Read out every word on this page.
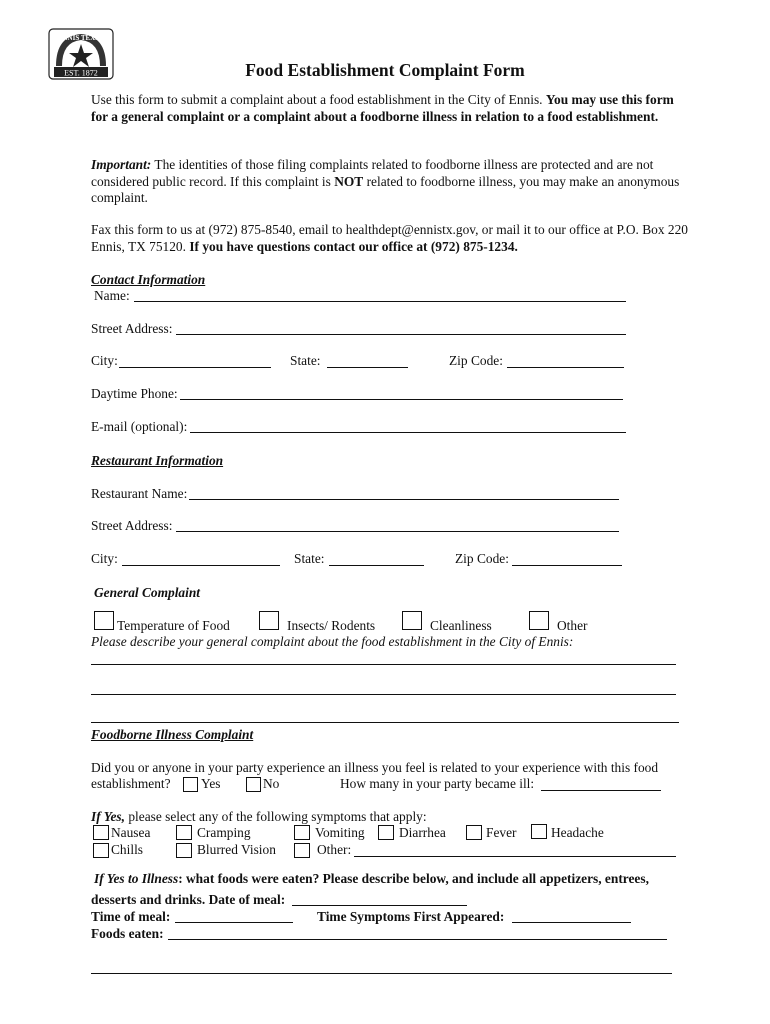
ENNIS TEXAS
EST. 1872	Food Establishment Complaint Form
Use this form to submit a complaint about a food establishment in the City of Ennis. You may use this form for a general complaint or a complaint about a foodborne illness in relation to a food establishment.
Important: The identities of those filing complaints related to foodborne illness are protected and are not considered public record. If this complaint is NOT related to foodborne illness, you may make an anonymous complaint.
Fax this form to us at (972) 875-8540, email to healthdept@ennistx.gov, or mail it to our office at P.O. Box 220 Ennis, TX 75120. If you have questions contact our office at (972) 875-1234.
Contact Information
Name:
Street Address:
City:	State:	Zip Code:
Daytime Phone:
E-mail (optional):
Restaurant Information
Restaurant Name:
Street Address:
City:	State:	Zip Code:
General Complaint
Temperature of Food	Insects/ Rodents	Cleanliness	Other
Please describe your general complaint about the food establishment in the City of Ennis:
Foodborne Illness Complaint
Did you or anyone in your party experience an illness you feel is related to your experience with this food
establishment? Yes	No	How many in your party became ill:
If Yes, please select any of the following symptoms that apply:
Nausea	Cramping	Vomiting	Diarrhea	Fever	Headache
Chills	Blurred Vision	Other:
If Yes to Illness: what foods were eaten? Please describe below, and include all appetizers, entrees,
desserts and drinks. Date of meal:
Time of meal:	Time Symptoms First Appeared:
Foods eaten:
